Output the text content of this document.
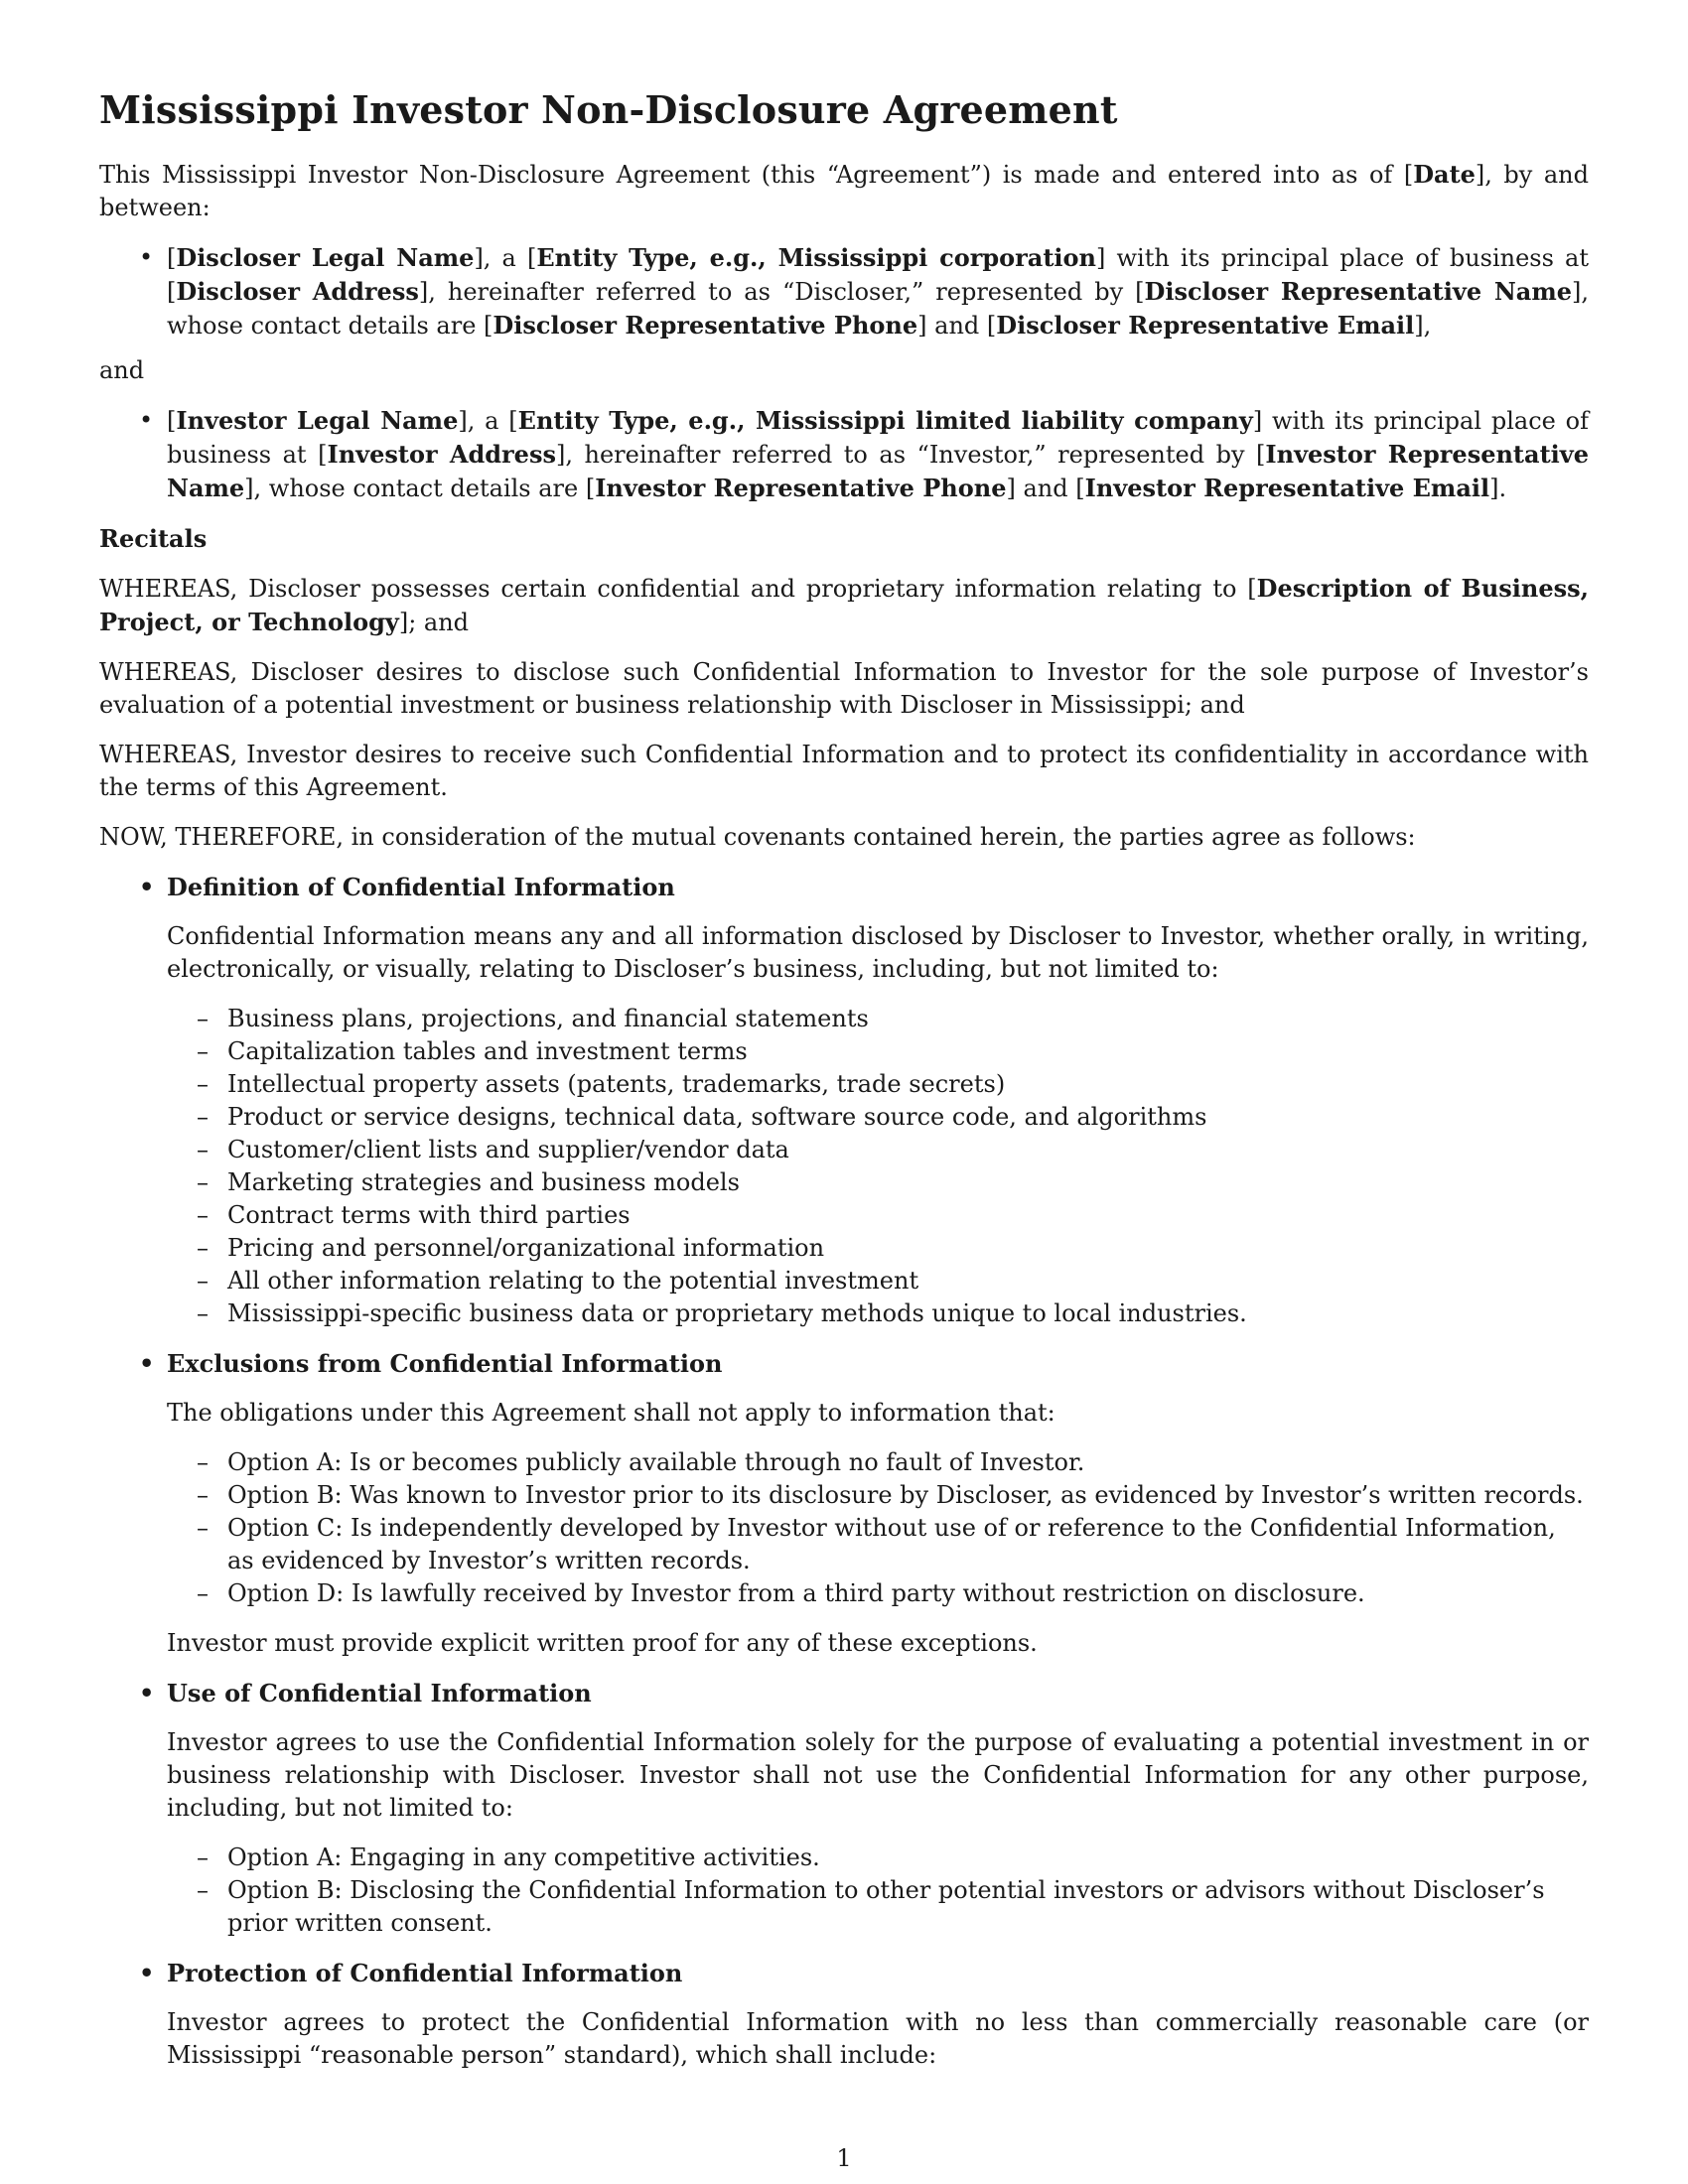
Mississippi Investor Non-Disclosure Agreement

This Mississippi Investor Non-Disclosure Agreement (this “Agreement”) is made and entered into as of [Date], by and between:

• [Discloser Legal Name], a [Entity Type, e.g., Mississippi corporation] with its principal place of business at [Discloser Address], hereinafter referred to as “Discloser,” represented by [Discloser Representative Name], whose contact details are [Discloser Representative Phone] and [Discloser Representative Email],

and

• [Investor Legal Name], a [Entity Type, e.g., Mississippi limited liability company] with its principal place of business at [Investor Address], hereinafter referred to as “Investor,” represented by [Investor Representative Name], whose contact details are [Investor Representative Phone] and [Investor Representative Email].

Recitals

WHEREAS, Discloser possesses certain confidential and proprietary information relating to [Description of Business, Project, or Technology]; and

WHEREAS, Discloser desires to disclose such Confidential Information to Investor for the sole purpose of Investor’s evaluation of a potential investment or business relationship with Discloser in Mississippi; and

WHEREAS, Investor desires to receive such Confidential Information and to protect its confidentiality in accordance with the terms of this Agreement.

NOW, THEREFORE, in consideration of the mutual covenants contained herein, the parties agree as follows:

• Definition of Confidential Information

Confidential Information means any and all information disclosed by Discloser to Investor, whether orally, in writing, electronically, or visually, relating to Discloser’s business, including, but not limited to:

– Business plans, projections, and financial statements
– Capitalization tables and investment terms
– Intellectual property assets (patents, trademarks, trade secrets)
– Product or service designs, technical data, software source code, and algorithms
– Customer/client lists and supplier/vendor data
– Marketing strategies and business models
– Contract terms with third parties
– Pricing and personnel/organizational information
– All other information relating to the potential investment
– Mississippi-specific business data or proprietary methods unique to local industries.
• Exclusions from Confidential Information

The obligations under this Agreement shall not apply to information that:

– Option A: Is or becomes publicly available through no fault of Investor.
– Option B: Was known to Investor prior to its disclosure by Discloser, as evidenced by Investor’s written records.
– Option C: Is independently developed by Investor without use of or reference to the Confidential Information, as evidenced by Investor’s written records.
– Option D: Is lawfully received by Investor from a third party without restriction on disclosure.

Investor must provide explicit written proof for any of these exceptions.

• Use of Confidential Information

Investor agrees to use the Confidential Information solely for the purpose of evaluating a potential investment in or business relationship with Discloser. Investor shall not use the Confidential Information for any other purpose, including, but not limited to:

– Option A: Engaging in any competitive activities.
– Option B: Disclosing the Confidential Information to other potential investors or advisors without Discloser’s prior written consent.
• Protection of Confidential Information

Investor agrees to protect the Confidential Information with no less than commercially reasonable care (or Mississippi “reasonable person” standard), which shall include:

1
